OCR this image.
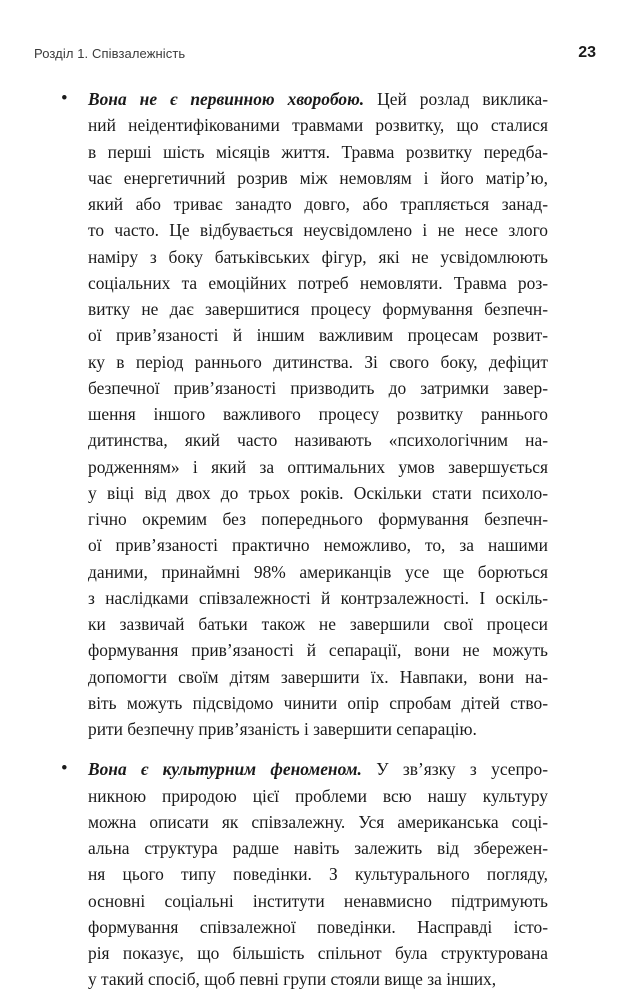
Розділ 1. Співзалежність	23
• Вона не є первинною хворобою. Цей розлад виклика-
ний неідентифікованими травмами розвитку, що сталися
в перші шість місяців життя. Травма розвитку передба-
чає енергетичний розрив між немовлям і його матір’ю,
який або триває занадто довго, або трапляється занад-
то часто. Це відбувається неусвідомлено і не несе злого
наміру з боку батьківських фігур, які не усвідомлюють
соціальних та емоційних потреб немовляти. Травма роз-
витку не дає завершитися процесу формування безпечн-
ої прив’язаності й іншим важливим процесам розвит-
ку в період раннього дитинства. Зі свого боку, дефіцит
безпечної прив’язаності призводить до затримки завер-
шення іншого важливого процесу розвитку раннього
дитинства, який часто називають «психологічним на-
родженням» і який за оптимальних умов завершується
у віці від двох до трьох років. Оскільки стати психоло-
гічно окремим без попереднього формування безпечн-
ої прив’язаності практично неможливо, то, за нашими
даними, принаймні 98% американців усе ще борються
з наслідками співзалежності й контрзалежності. І оскіль-
ки зазвичай батьки також не завершили свої процеси
формування прив’язаності й сепарації, вони не можуть
допомогти своїм дітям завершити їх. Навпаки, вони на-
віть можуть підсвідомо чинити опір спробам дітей ство-
рити безпечну прив’язаність і завершити сепарацію.
• Вона є культурним феноменом. У зв’язку з усепро-
никною природою цієї проблеми всю нашу культуру
можна описати як співзалежну. Уся американська соці-
альна структура радше навіть залежить від збережен-
ня цього типу поведінки. З культурального погляду,
основні соціальні інститути ненавмисно підтримують
формування співзалежної поведінки. Насправді істо-
рія показує, що більшість спільнот була структурована
у такий спосіб, щоб певні групи стояли вище за інших,
